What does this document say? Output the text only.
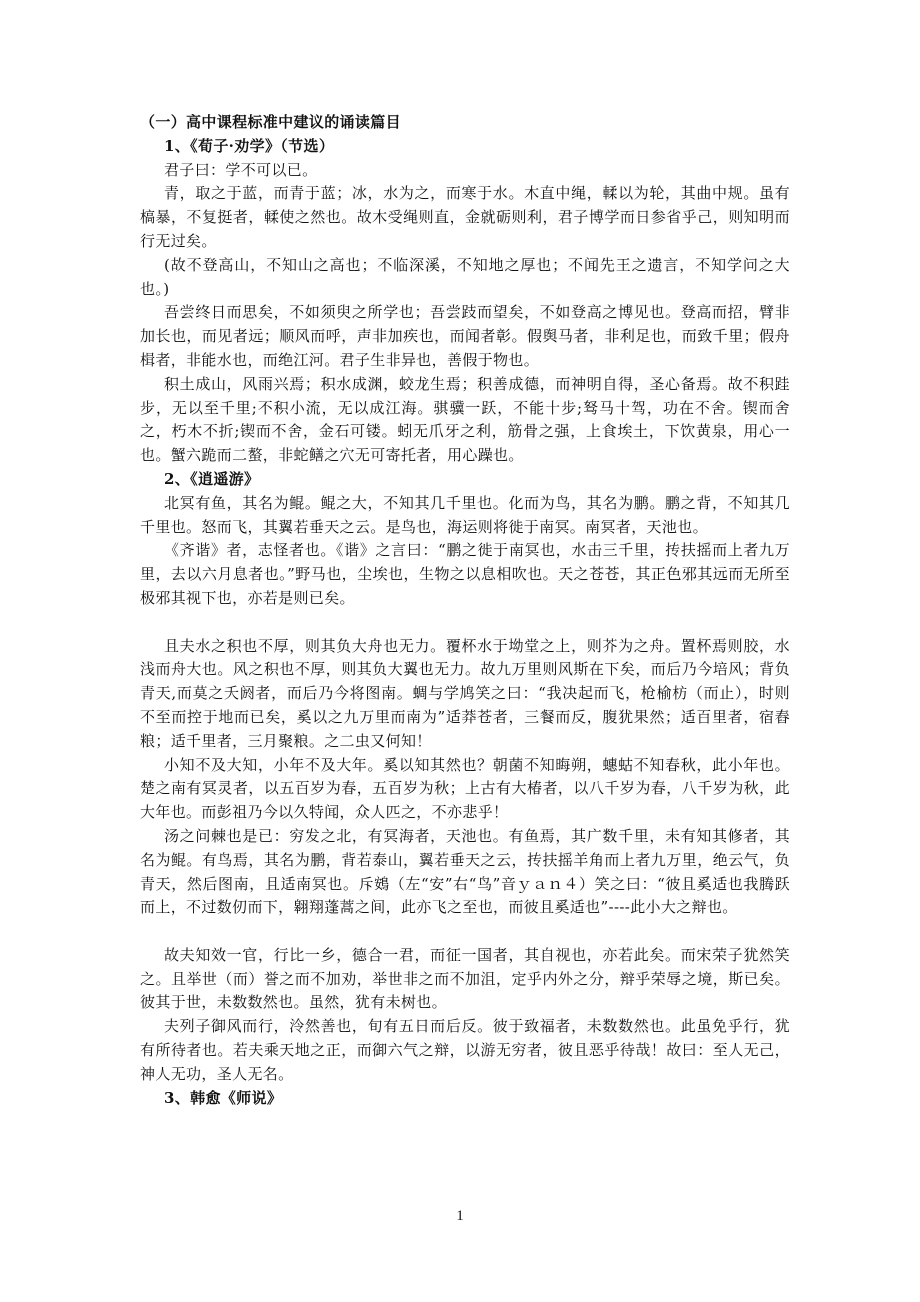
（一）高中课程标准中建议的诵读篇目

1、《荀子·劝学》（节选）

君子曰：学不可以已。

青，取之于蓝，而青于蓝；冰，水为之，而寒于水。木直中绳，輮以为轮，其曲中规。虽有槁暴，不复挺者，輮使之然也。故木受绳则直，金就砺则利，君子博学而日参省乎己，则知明而行无过矣。

(故不登高山，不知山之高也；不临深溪，不知地之厚也；不闻先王之遗言，不知学问之大也。)

吾尝终日而思矣，不如须臾之所学也；吾尝跂而望矣，不如登高之博见也。登高而招，臂非加长也，而见者远；顺风而呼，声非加疾也，而闻者彰。假舆马者，非利足也，而致千里；假舟楫者，非能水也，而绝江河。君子生非异也，善假于物也。

积土成山，风雨兴焉；积水成渊，蛟龙生焉；积善成德，而神明自得，圣心备焉。故不积跬步，无以至千里;不积小流，无以成江海。骐骥一跃，不能十步;驽马十驾，功在不舍。锲而舍之，朽木不折;锲而不舍，金石可镂。蚓无爪牙之利，筋骨之强，上食埃土，下饮黄泉，用心一也。蟹六跪而二螯，非蛇鳝之穴无可寄托者，用心躁也。

2、《逍遥游》

北冥有鱼，其名为鲲。鲲之大，不知其几千里也。化而为鸟，其名为鹏。鹏之背，不知其几千里也。怒而飞，其翼若垂天之云。是鸟也，海运则将徙于南冥。南冥者，天池也。

《齐谐》者，志怪者也。《谐》之言曰：“鹏之徙于南冥也，水击三千里，抟扶摇而上者九万里，去以六月息者也。”野马也，尘埃也，生物之以息相吹也。天之苍苍，其正色邪其远而无所至极邪其视下也，亦若是则已矣。

且夫水之积也不厚，则其负大舟也无力。覆杯水于坳堂之上，则芥为之舟。置杯焉则胶，水浅而舟大也。风之积也不厚，则其负大翼也无力。故九万里则风斯在下矣，而后乃今培风；背负青天,而莫之夭阏者，而后乃今将图南。蜩与学鸠笑之曰：“我决起而飞，枪榆枋（而止），时则不至而控于地而已矣，奚以之九万里而南为”适莽苍者，三餐而反，腹犹果然；适百里者，宿舂粮；适千里者，三月聚粮。之二虫又何知！

小知不及大知，小年不及大年。奚以知其然也？朝菌不知晦朔，蟪蛄不知春秋，此小年也。楚之南有冥灵者，以五百岁为春，五百岁为秋；上古有大椿者，以八千岁为春，八千岁为秋，此大年也。而彭祖乃今以久特闻，众人匹之，不亦悲乎！

汤之问棘也是已：穷发之北，有冥海者，天池也。有鱼焉，其广数千里，未有知其修者，其名为鲲。有鸟焉，其名为鹏，背若泰山，翼若垂天之云，抟扶摇羊角而上者九万里，绝云气，负青天，然后图南，且适南冥也。斥鴳（左“安”右“鸟”音ｙａｎ４）笑之曰：“彼且奚适也我腾跃而上，不过数仞而下，翱翔蓬蒿之间，此亦飞之至也，而彼且奚适也”----此小大之辩也。

故夫知效一官，行比一乡，德合一君，而征一国者，其自视也，亦若此矣。而宋荣子犹然笑之。且举世（而）誉之而不加劝，举世非之而不加沮，定乎内外之分，辩乎荣辱之境，斯已矣。彼其于世，未数数然也。虽然，犹有未树也。

夫列子御风而行，泠然善也，旬有五日而后反。彼于致福者，未数数然也。此虽免乎行，犹有所待者也。若夫乘天地之正，而御六气之辩，以游无穷者，彼且恶乎待哉！故曰：至人无己，神人无功，圣人无名。

3、韩愈《师说》

1
